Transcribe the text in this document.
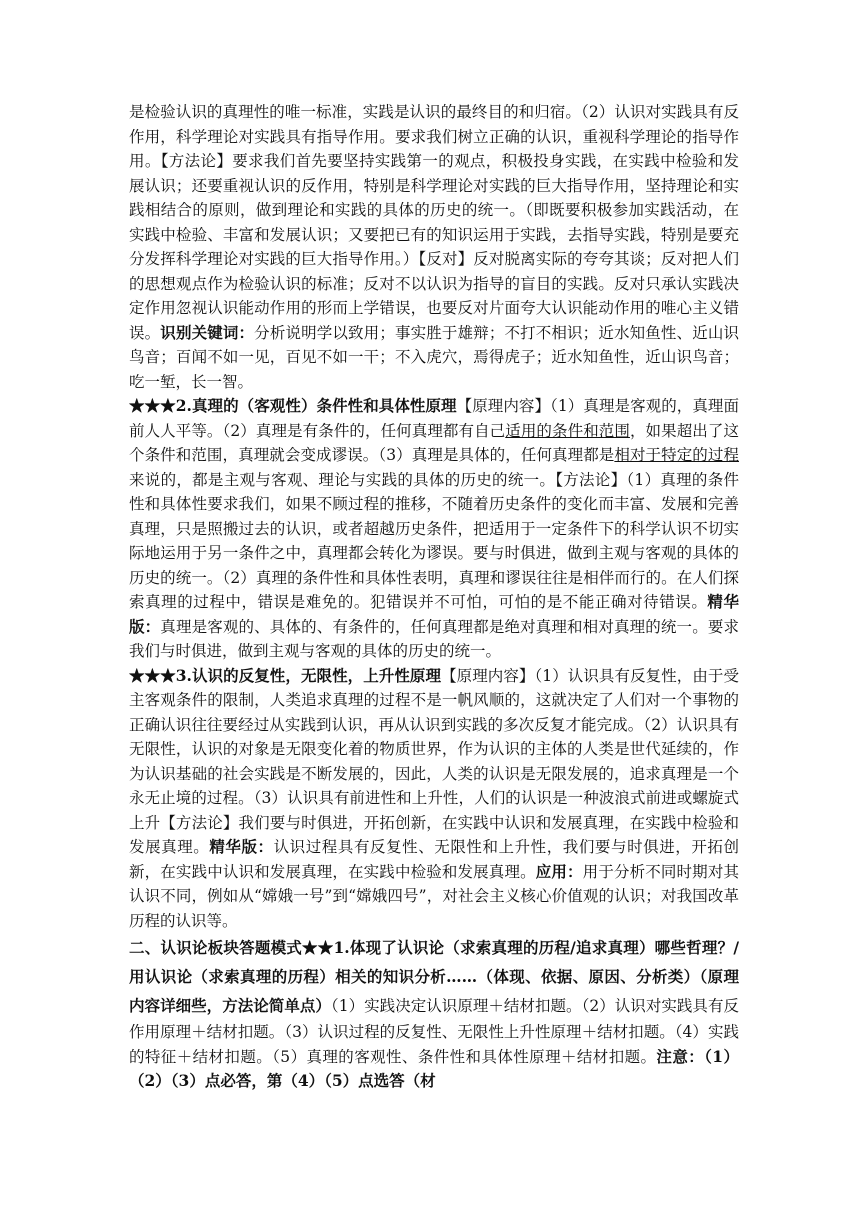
是检验认识的真理性的唯一标准，实践是认识的最终目的和归宿。（2）认识对实践具有反作用，科学理论对实践具有指导作用。要求我们树立正确的认识，重视科学理论的指导作用。【方法论】要求我们首先要坚持实践第一的观点，积极投身实践，在实践中检验和发展认识；还要重视认识的反作用，特别是科学理论对实践的巨大指导作用，坚持理论和实践相结合的原则，做到理论和实践的具体的历史的统一。（即既要积极参加实践活动，在实践中检验、丰富和发展认识；又要把已有的知识运用于实践，去指导实践，特别是要充分发挥科学理论对实践的巨大指导作用。）【反对】反对脱离实际的夸夸其谈；反对把人们的思想观点作为检验认识的标准；反对不以认识为指导的盲目的实践。反对只承认实践决定作用忽视认识能动作用的形而上学错误，也要反对片面夸大认识能动作用的唯心主义错误。识别关键词：分析说明学以致用；事实胜于雄辩；不打不相识；近水知鱼性、近山识鸟音；百闻不如一见，百见不如一干；不入虎穴，焉得虎子；近水知鱼性，近山识鸟音；吃一堑，长一智。

★★★2.真理的（客观性）条件性和具体性原理【原理内容】（1）真理是客观的，真理面前人人平等。（2）真理是有条件的，任何真理都有自己适用的条件和范围，如果超出了这个条件和范围，真理就会变成谬误。（3）真理是具体的，任何真理都是相对于特定的过程来说的，都是主观与客观、理论与实践的具体的历史的统一。【方法论】（1）真理的条件性和具体性要求我们，如果不顾过程的推移，不随着历史条件的变化而丰富、发展和完善真理，只是照搬过去的认识，或者超越历史条件，把适用于一定条件下的科学认识不切实际地运用于另一条件之中，真理都会转化为谬误。要与时俱进，做到主观与客观的具体的历史的统一。（2）真理的条件性和具体性表明，真理和谬误往往是相伴而行的。在人们探索真理的过程中，错误是难免的。犯错误并不可怕，可怕的是不能正确对待错误。精华版：真理是客观的、具体的、有条件的，任何真理都是绝对真理和相对真理的统一。要求我们与时俱进，做到主观与客观的具体的历史的统一。

★★★3.认识的反复性，无限性，上升性原理【原理内容】（1）认识具有反复性，由于受主客观条件的限制，人类追求真理的过程不是一帆风顺的，这就决定了人们对一个事物的正确认识往往要经过从实践到认识，再从认识到实践的多次反复才能完成。（2）认识具有无限性，认识的对象是无限变化着的物质世界，作为认识的主体的人类是世代延续的，作为认识基础的社会实践是不断发展的，因此，人类的认识是无限发展的，追求真理是一个永无止境的过程。（3）认识具有前进性和上升性，人们的认识是一种波浪式前进或螺旋式上升【方法论】我们要与时俱进，开拓创新，在实践中认识和发展真理，在实践中检验和发展真理。精华版：认识过程具有反复性、无限性和上升性，我们要与时俱进，开拓创新，在实践中认识和发展真理，在实践中检验和发展真理。应用：用于分析不同时期对其认识不同，例如从“嫦娥一号”到“嫦娥四号”，对社会主义核心价值观的认识；对我国改革历程的认识等。

二、认识论板块答题模式★★1.体现了认识论（求索真理的历程/追求真理）哪些哲理？/用认识论（求索真理的历程）相关的知识分析……（体现、依据、原因、分析类）（原理内容详细些，方法论简单点）（1）实践决定认识原理＋结材扣题。（2）认识对实践具有反作用原理＋结材扣题。（3）认识过程的反复性、无限性上升性原理＋结材扣题。（4）实践的特征＋结材扣题。（5）真理的客观性、条件性和具体性原理＋结材扣题。注意：（1）（2）（3）点必答，第（4）（5）点选答（材
